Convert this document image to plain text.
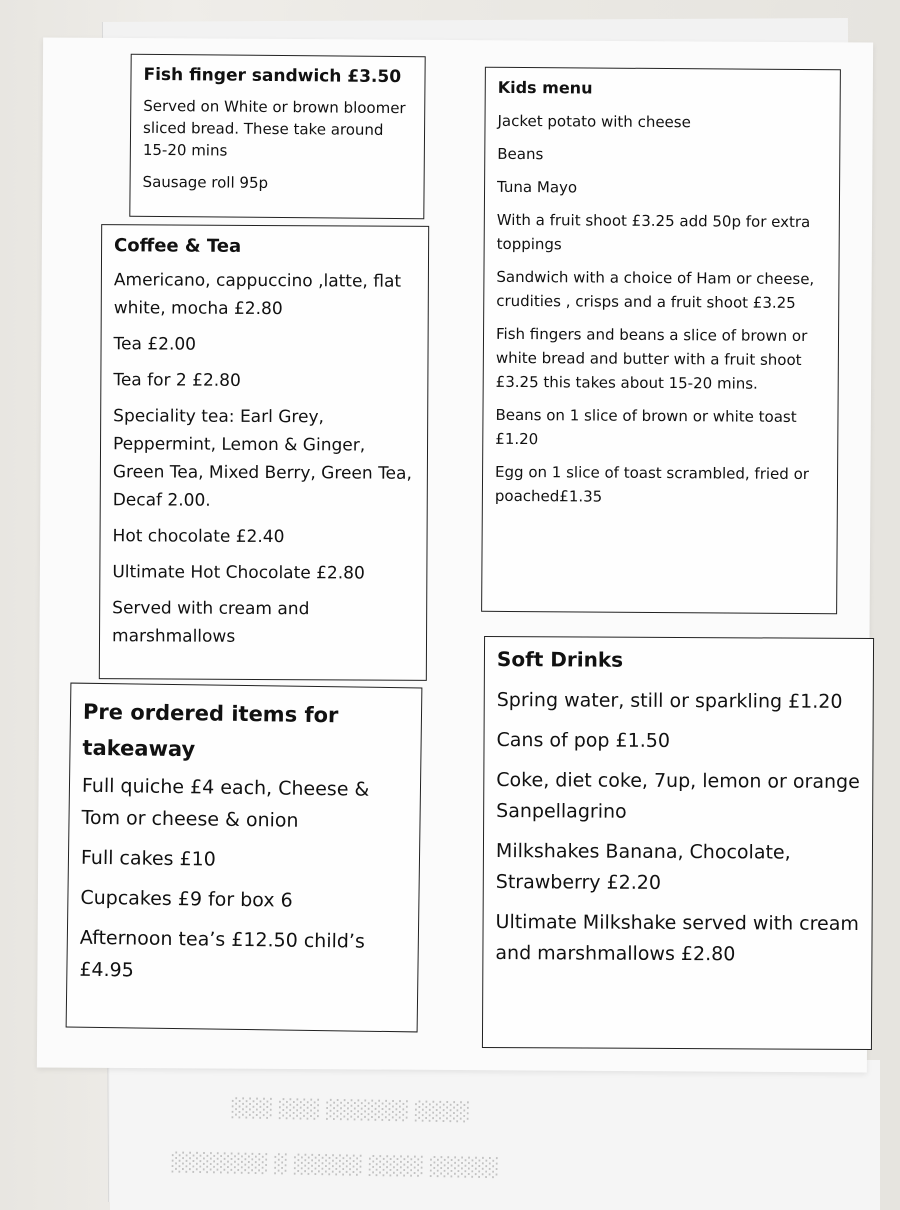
░░░░ ░░░░░░ ░░░ ░░░
░░░░░ ░░░░ ░░░░░ ░ ░░░░░░░
Fish finger sandwich £3.50

Served on White or brown bloomer sliced bread. These take around 15-20 mins

Sausage roll 95p

Coffee & Tea

Americano, cappuccino ,latte, flat white, mocha £2.80

Tea £2.00

Tea for 2 £2.80

Speciality tea: Earl Grey, Peppermint, Lemon & Ginger, Green Tea, Mixed Berry, Green Tea, Decaf 2.00.

Hot chocolate £2.40

Ultimate Hot Chocolate £2.80

Served with cream and marshmallows

Pre ordered items for takeaway

Full quiche £4 each, Cheese & Tom or cheese & onion

Full cakes £10

Cupcakes £9 for box 6

Afternoon tea’s £12.50 child’s £4.95

Kids menu

Jacket potato with cheese

Beans

Tuna Mayo

With a fruit shoot £3.25 add 50p for extra toppings

Sandwich with a choice of Ham or cheese, crudities , crisps and a fruit shoot £3.25

Fish fingers and beans a slice of brown or white bread and butter with a fruit shoot £3.25 this takes about 15-20 mins.

Beans on 1 slice of brown or white toast £1.20

Egg on 1 slice of toast scrambled, fried or poached£1.35

Soft Drinks

Spring water, still or sparkling £1.20

Cans of pop £1.50

Coke, diet coke, 7up, lemon or orange Sanpellagrino

Milkshakes Banana, Chocolate, Strawberry £2.20

Ultimate Milkshake served with cream and marshmallows £2.80
